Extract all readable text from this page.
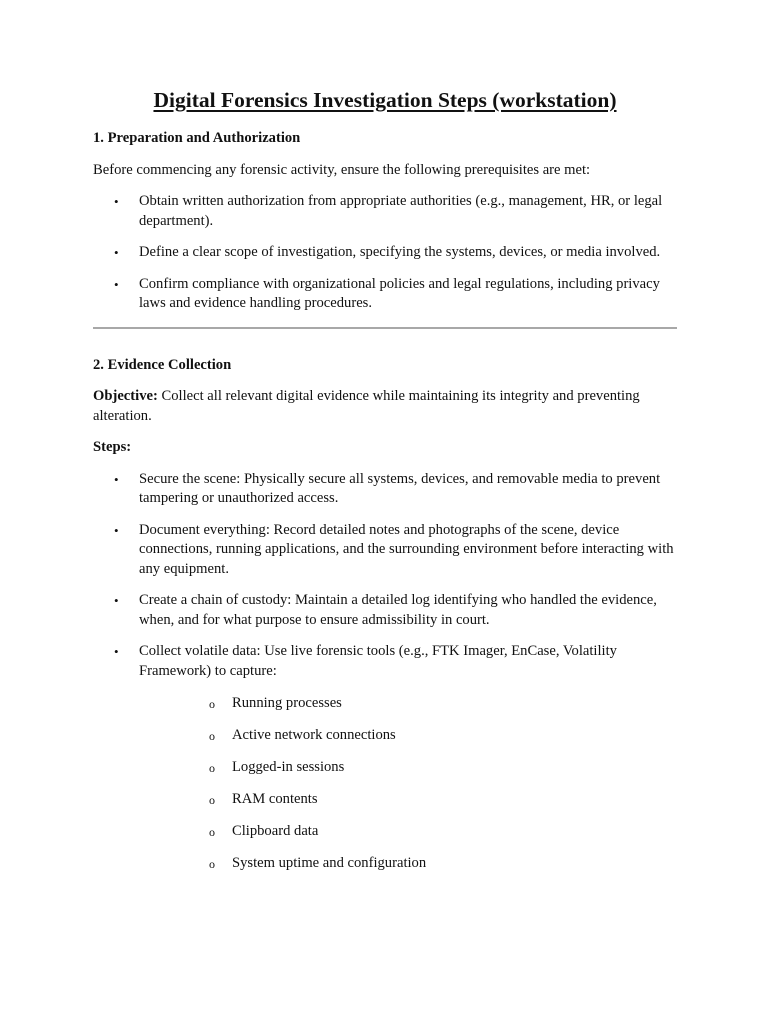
Digital Forensics Investigation Steps (workstation)
1. Preparation and Authorization

Before commencing any forensic activity, ensure the following prerequisites are met:

• Obtain written authorization from appropriate authorities (e.g., management, HR, or legal department).
• Define a clear scope of investigation, specifying the systems, devices, or media involved.
• Confirm compliance with organizational policies and legal regulations, including privacy laws and evidence handling procedures.
2. Evidence Collection

Objective: Collect all relevant digital evidence while maintaining its integrity and preventing alteration.

Steps:

• Secure the scene: Physically secure all systems, devices, and removable media to prevent tampering or unauthorized access.
• Document everything: Record detailed notes and photographs of the scene, device connections, running applications, and the surrounding environment before interacting with any equipment.
• Create a chain of custody: Maintain a detailed log identifying who handled the evidence, when, and for what purpose to ensure admissibility in court.
• Collect volatile data: Use live forensic tools (e.g., FTK Imager, EnCase, Volatility Framework) to capture:
o Running processes
o Active network connections
o Logged-in sessions
o RAM contents
o Clipboard data
o System uptime and configuration
